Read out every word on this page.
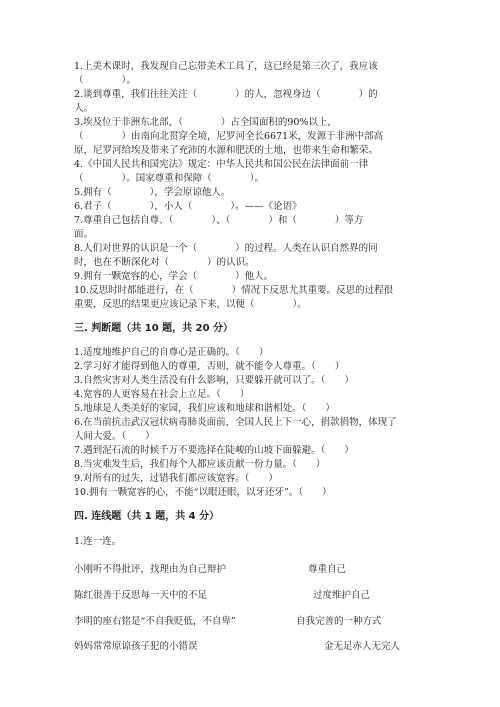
1.上美术课时，我发现自己忘带美术工具了，这已经是第三次了，我应该
（　　　　）。
2.谈到尊重，我们往往关注（　　　　）的人，忽视身边（　　　　）的
人。
3.埃及位于非洲东北部，（　　　　）占全国面积的90%以上，
（　　　　）由南向北贯穿全境，尼罗河全长6671米，发源于非洲中部高
原，尼罗河给埃及带来了充沛的水源和肥沃的土地，也带来生命和繁荣。
4.《中国人民共和国宪法》规定：中华人民共和国公民在法律面前一律
（　　　　）。国家尊重和保障（　　　　）。
5.拥有（　　　　），学会原谅他人。
6.君子（　　　　），小人（　　　　）。——《论语》
7.尊重自己包括自尊、（　　　　）、（　　　　）和（　　　　）等方
面。
8.人们对世界的认识是一个（　　　　）的过程。人类在认识自然界的同
时，也在不断深化对（　　　　）的认识。
9.拥有一颗宽容的心，学会（　　　　）他人。
10.反思时时都能进行，在（　　　　）情况下反思尤其重要。反思的过程很
重要，反思的结果更应该记录下来，以便（　　　　）。
三. 判断题（共 10 题，共 20 分）
1.适度地维护自己的自尊心是正确的。（　　）
2.学习好才能得到他人的尊重，否则，就不能令人尊重。（　　）
3.自然灾害对人类生活没有什么影响，只要躲开就可以了。（　　）
4.宽容的人更容易在社会上立足。（　　）
5.地球是人类美好的家园，我们应该和地球和谐相处。（　　）
6.在当前抗击武汉冠状病毒肺炎面前，全国人民上下一心，捐款捐物，体现了
人间大爱。（　　）
7.遇到泥石流的时候千万不要选择在陡峻的山坡下面躲避。（　　）
8.当灾难发生后，我们每个人都应该贡献一份力量。（　　）
9.对所有的过失，过错我们都应该宽容。（　　）
10.拥有一颗宽容的心，不能“以眼还眼，以牙还牙”。（　　）
四. 连线题（共 1 题，共 4 分）
1.连一连。
小刚听不得批评，找理由为自己辩护	尊重自己
陈红很善于反思每一天中的不足	过度维护自己
李明的座右铭是“不自我贬低，不自卑”	自我完善的一种方式
妈妈常常原谅孩子犯的小错误	金无足赤人无完人
